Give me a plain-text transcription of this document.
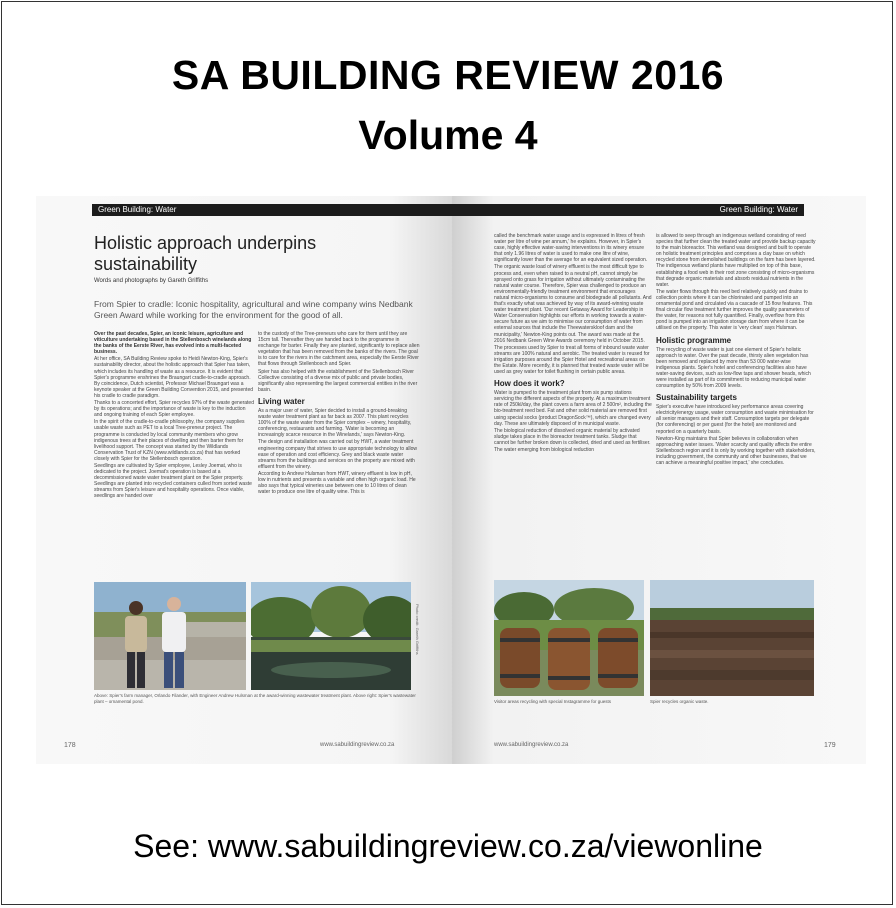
SA BUILDING REVIEW 2016
Volume 4
Green Building: Water
Holistic approach underpins sustainability
Words and photographs by Gareth Griffiths
From Spier to cradle: Iconic hospitality, agricultural and wine company wins Nedbank Green Award while working for the environment for the good of all.

Over the past decades, Spier, an iconic leisure, agriculture and viticulture undertaking based in the Stellenbosch winelands along the banks of the Eerste River, has evolved into a multi-faceted business.

At her office, SA Building Review spoke to Heidi Newton-King, Spier's sustainability director, about the holistic approach that Spier has taken, which includes its handling of waste as a resource. It is evident that Spier's programme enshrines the Braungart cradle-to-cradle approach. By coincidence, Dutch scientist, Professor Michael Braungart was a keynote speaker at the Green Building Convention 2015, and presented his cradle to cradle paradigm.

Thanks to a concerted effort, Spier recycles 97% of the waste generated by its operations; and the importance of waste is key to the induction and ongoing training of each Spier employee.

In the spirit of the cradle-to-cradle philosophy, the company supplies usable waste such as PET to a local Tree-preneur project. The programme is conducted by local community members who grow indigenous trees at their places of dwelling and then barter them for livelihood support. The concept was started by the Wildlands Conservation Trust of KZN (www.wildlands.co.za) that has worked closely with Spier for the Stellenbosch operation.

Seedlings are cultivated by Spier employee, Lesley Joemat, who is dedicated to the project. Joemat's operation is based at a decommissioned waste water treatment plant on the Spier property. Seedlings are planted into recycled containers culled from sorted waste streams from Spier's leisure and hospitality operations. Once viable, seedlings are handed over

to the custody of the Tree-preneurs who care for them until they are 15cm tall. Thereafter they are handed back to the programme in exchange for barter. Finally they are planted, significantly to replace alien vegetation that has been removed from the banks of the rivers. The goal is to care for the rivers in the catchment area, especially the Eerste River that flows through Stellenbosch and Spier.

Spier has also helped with the establishment of the Stellenbosch River Collective consisting of a diverse mix of public and private bodies, significantly also representing the largest commercial entities in the river basin.

Living water

As a major user of water, Spier decided to install a ground-breaking waste water treatment plant as far back as 2007. This plant recycles 100% of the waste water from the Spier complex – winery, hospitality, conferencing, restaurants and farming. 'Water is becoming an increasingly scarce resource in the Winelands,' says Newton-King.

The design and installation was carried out by HWT, a water treatment engineering company that strives to use appropriate technology to allow ease of operation and cost efficiency. Grey and black waste water streams from the buildings and services on the property are mixed with effluent from the winery.

According to Andrew Hulsman from HWT, winery effluent is low in pH, low in nutrients and presents a variable and often high organic load. He also says that typical wineries use between one to 10 litres of clean water to produce one litre of quality wine. This is

Photo credit: Gareth Griffiths
Above: Spier's farm manager, Orlando Filander, with Engineer Andrew Hulsman at the award-winning wastewater treatment plant. Above right: Spier's wastewater plant – ornamental pond.
178	www.sabuildingreview.co.za
Green Building: Water

called the benchmark water usage and is expressed in litres of fresh water per litre of wine per annum,' he explains. However, in Spier's case, highly effective water-saving interventions in its winery ensure that only 1.96 litres of water is used to make one litre of wine, significantly lower than the average for an equivalent sized operation.

The organic waste load of winery effluent is the most difficult type to process and, even when raised to a neutral pH, cannot simply be sprayed onto grass for irrigation without ultimately contaminating the natural water course. Therefore, Spier was challenged to produce an environmentally-friendly treatment environment that encourages natural micro-organisms to consume and biodegrade all pollutants. And that's exactly what was achieved by way of its award-winning waste water treatment plant. 'Our recent Getaway Award for Leadership in Water Conservation highlights our efforts in working towards a water-secure future as we aim to minimise our consumption of water from external sources that include the Theewaterskloof dam and the municipality,' Newton-King points out. The award was made at the 2016 Nedbank Green Wine Awards ceremony held in October 2015.

The processes used by Spier to treat all forms of inbound waste water streams are 100% natural and aerobic. The treated water is reused for irrigation purposes around the Spier Hotel and recreational areas on the Estate. More recently, it is planned that treated waste water will be used as grey water for toilet flushing in certain public areas.

How does it work?

Water is pumped to the treatment plant from six pump stations servicing the different aspects of the property. At a maximum treatment rate of 250kl/day, the plant covers a farm area of 2 500m², including the bio-treatment reed bed. Fat and other solid material are removed first using special socks (product DragonSock™), which are changed every day. These are ultimately disposed of in municipal waste.

The biological reduction of dissolved organic material by activated sludge takes place in the bioreactor treatment tanks. Sludge that cannot be further broken down is collected, dried and used as fertiliser.

The water emerging from biological reduction

is allowed to seep through an indigenous wetland consisting of reed species that further clean the treated water and provide backup capacity to the main bioreactor. This wetland was designed and built to operate on holistic treatment principles and comprises a clay base on which recycled stone from demolished buildings on the farm has been layered. The indigenous wetland plants have multiplied on top of this base, establishing a food web in their root zone consisting of micro-organisms that degrade organic materials and absorb residual nutrients in the water.

The water flows through this reed bed relatively quickly and drains to collection points where it can be chlorinated and pumped into an ornamental pond and circulated via a cascade of 15 flow features. This final circular flow treatment further improves the quality parameters of the water, for reasons not fully quantified. Finally, overflow from this pond is pumped into an irrigation storage dam from where it can be utilised on the property. This water is 'very clean' says Hulsman.

Holistic programme

The recycling of waste water is just one element of Spier's holistic approach to water. Over the past decade, thirsty alien vegetation has been removed and replaced by more than 53 000 water-wise indigenous plants. Spier's hotel and conferencing facilities also have water-saving devices, such as low-flow taps and shower heads, which were installed as part of its commitment to reducing municipal water consumption by 50% from 2009 levels.

Sustainability targets

Spier's executive have introduced key performance areas covering electricity/energy usage, water consumption and waste minimisation for all senior managers and their staff. Consumption targets per delegate (for conferencing) or per guest (for the hotel) are monitored and reported on a quarterly basis.

Newton-King maintains that Spier believes in collaboration when approaching water issues. 'Water scarcity and quality affects the entire Stellenbosch region and it is only by working together with stakeholders, including government, the community and other businesses, that we can achieve a meaningful positive impact,' she concludes.

Visitor areas recycling with special Instagramme for guests	Spier recycles organic waste.
www.sabuildingreview.co.za	179
See: www.sabuildingreview.co.za/viewonline
